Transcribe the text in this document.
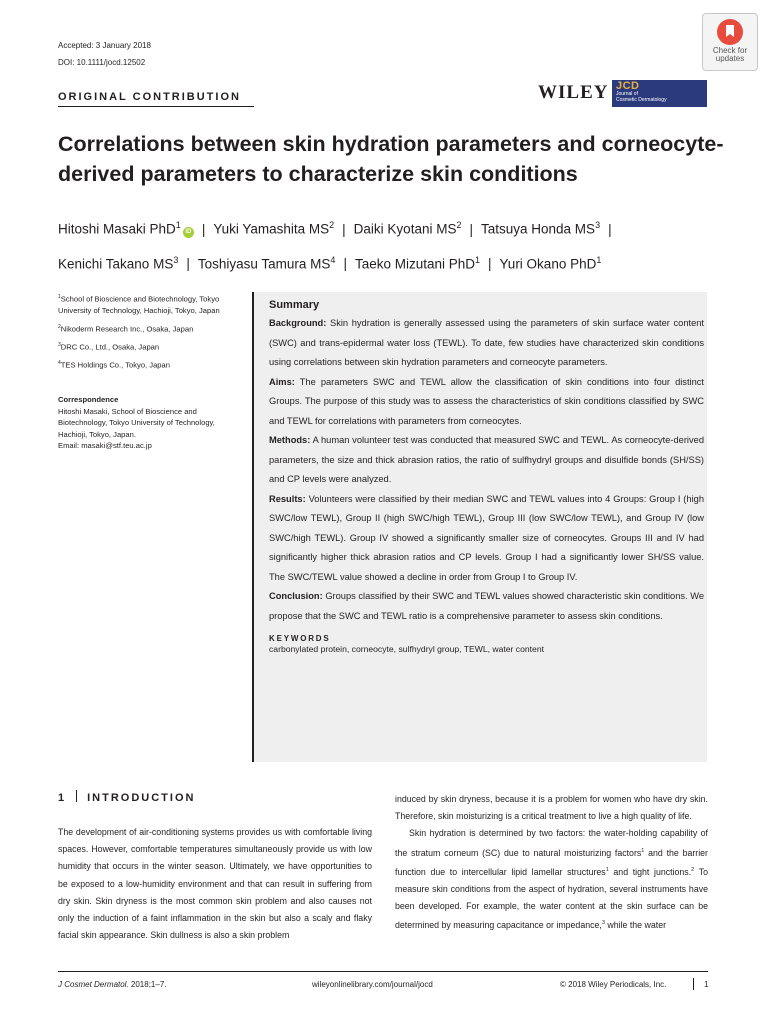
Accepted: 3 January 2018
DOI: 10.1111/jocd.12502
ORIGINAL CONTRIBUTION
Check for
updates
WILEY JCD
Journal of
Cosmetic Dermatology
Correlations between skin hydration parameters and corneocyte-derived parameters to characterize skin conditions
Hitoshi Masaki PhD$^1$iD | Yuki Yamashita $MS^2$ | Daiki Kyotani $MS^2$ | Tatsuya Honda $MS^3$ |
Kenichi Takano $MS^3$ | Toshiyasu Tamura $MS^4$ | Taeko Mizutani PhD$^1$ | Yuri Okano PhD$^1$

$^1$School of Bioscience and Biotechnology, Tokyo University of Technology, Hachioji, Tokyo, Japan

$^2$Nikoderm Research Inc., Osaka, Japan

$^3$DRC Co., Ltd., Osaka, Japan

$^4$TES Holdings Co., Tokyo, Japan

Correspondence
Hitoshi Masaki, School of Bioscience and Biotechnology, Tokyo University of Technology, Hachioji, Tokyo, Japan.
Email: masaki@stf.teu.ac.jp
Summary

Background: Skin hydration is generally assessed using the parameters of skin surface water content (SWC) and trans-epidermal water loss (TEWL). To date, few studies have characterized skin conditions using correlations between skin hydration parameters and corneocyte parameters.

Aims: The parameters SWC and TEWL allow the classification of skin conditions into four distinct Groups. The purpose of this study was to assess the characteristics of skin conditions classified by SWC and TEWL for correlations with parameters from corneocytes.

Methods: A human volunteer test was conducted that measured SWC and TEWL. As corneocyte-derived parameters, the size and thick abrasion ratios, the ratio of sulfhydryl groups and disulfide bonds (SH/SS) and CP levels were analyzed.

Results: Volunteers were classified by their median SWC and TEWL values into 4 Groups: Group I (high SWC/low TEWL), Group II (high SWC/high TEWL), Group III (low SWC/low TEWL), and Group IV (low SWC/high TEWL). Group IV showed a significantly smaller size of corneocytes. Groups III and IV had significantly higher thick abrasion ratios and CP levels. Group I had a significantly lower SH/SS value. The SWC/TEWL value showed a decline in order from Group I to Group IV.

Conclusion: Groups classified by their SWC and TEWL values showed characteristic skin conditions. We propose that the SWC and TEWL ratio is a comprehensive parameter to assess skin conditions.

KEYWORDS
carbonylated protein, corneocyte, sulfhydryl group, TEWL, water content
1 INTRODUCTION

The development of air-conditioning systems provides us with comfortable living spaces. However, comfortable temperatures simultaneously provide us with low humidity that occurs in the winter season. Ultimately, we have opportunities to be exposed to a low-humidity environment and that can result in suffering from dry skin. Skin dryness is the most common skin problem and also causes not only the induction of a faint inflammation in the skin but also a scaly and flaky facial skin appearance. Skin dullness is also a skin problem

induced by skin dryness, because it is a problem for women who have dry skin. Therefore, skin moisturizing is a critical treatment to live a high quality of life.

Skin hydration is determined by two factors: the water-holding capability of the stratum corneum (SC) due to natural moisturizing factors$^1$ and the barrier function due to intercellular lipid lamellar structures$^1$ and tight junctions.$^2$ To measure skin conditions from the aspect of hydration, several instruments have been developed. For example, the water content at the skin surface can be determined by measuring capacitance or impedance,$^3$ while the water

J Cosmet Dermatol. 2018;1–7.	wileyonlinelibrary.com/journal/jocd	© 2018 Wiley Periodicals, Inc.	1
